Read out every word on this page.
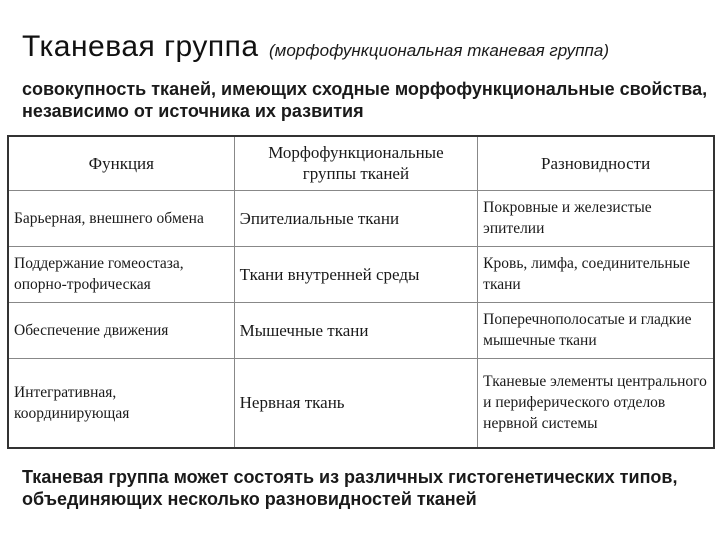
Тканевая группа (морфофункциональная тканевая группа)
совокупность тканей, имеющих сходные морфофункциональные свойства, независимо от источника их развития
Функция	Морфофункциональные группы тканей	Разновидности
Барьерная, внешнего обмена	Эпителиальные ткани	Покровные и железистые эпителии
Поддержание гомеостаза, опорно-трофическая	Ткани внутренней среды	Кровь, лимфа, соединительные ткани
Обеспечение движения	Мышечные ткани	Поперечнополосатые и гладкие мышечные ткани
Интегративная, координирующая	Нервная ткань	Тканевые элементы центрального и периферического отделов нервной системы
Тканевая группа может состоять из различных гистогенетических типов, объединяющих несколько разновидностей тканей
